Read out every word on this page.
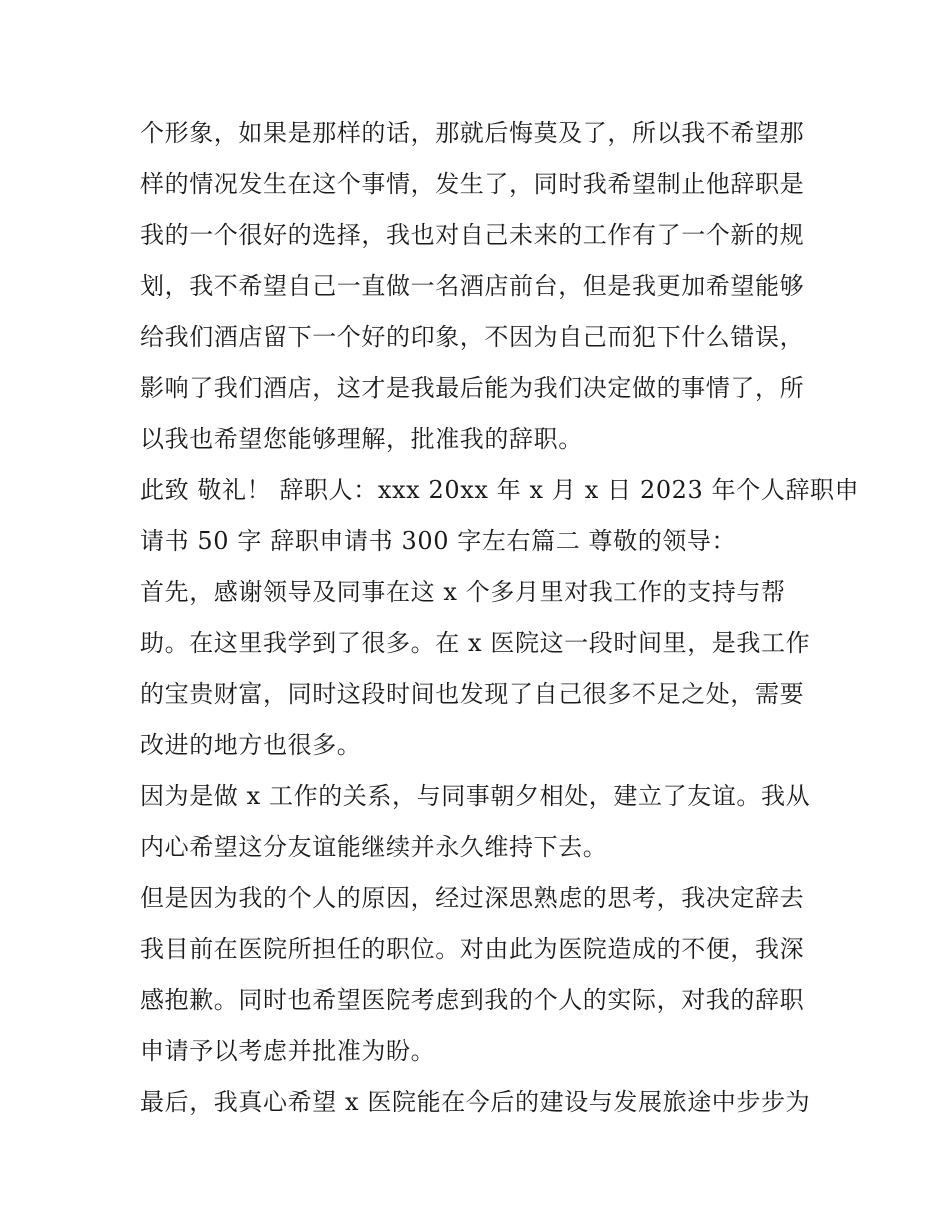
个形象，如果是那样的话，那就后悔莫及了，所以我不希望那
样的情况发生在这个事情，发生了，同时我希望制止他辞职是
我的一个很好的选择，我也对自己未来的工作有了一个新的规
划，我不希望自己一直做一名酒店前台，但是我更加希望能够
给我们酒店留下一个好的印象，不因为自己而犯下什么错误，
影响了我们酒店，这才是我最后能为我们决定做的事情了，所
以我也希望您能够理解，批准我的辞职。
此致 敬礼！ 辞职人：xxx 20xx 年 x 月 x 日 2023 年个人辞职申
请书 50 字 辞职申请书 300 字左右篇二 尊敬的领导：
首先，感谢领导及同事在这 x 个多月里对我工作的支持与帮
助。在这里我学到了很多。在 x 医院这一段时间里，是我工作
的宝贵财富，同时这段时间也发现了自己很多不足之处，需要
改进的地方也很多。
因为是做 x 工作的关系，与同事朝夕相处，建立了友谊。我从
内心希望这分友谊能继续并永久维持下去。
但是因为我的个人的原因，经过深思熟虑的思考，我决定辞去
我目前在医院所担任的职位。对由此为医院造成的不便，我深
感抱歉。同时也希望医院考虑到我的个人的实际，对我的辞职
申请予以考虑并批准为盼。
最后，我真心希望 x 医院能在今后的建设与发展旅途中步步为
